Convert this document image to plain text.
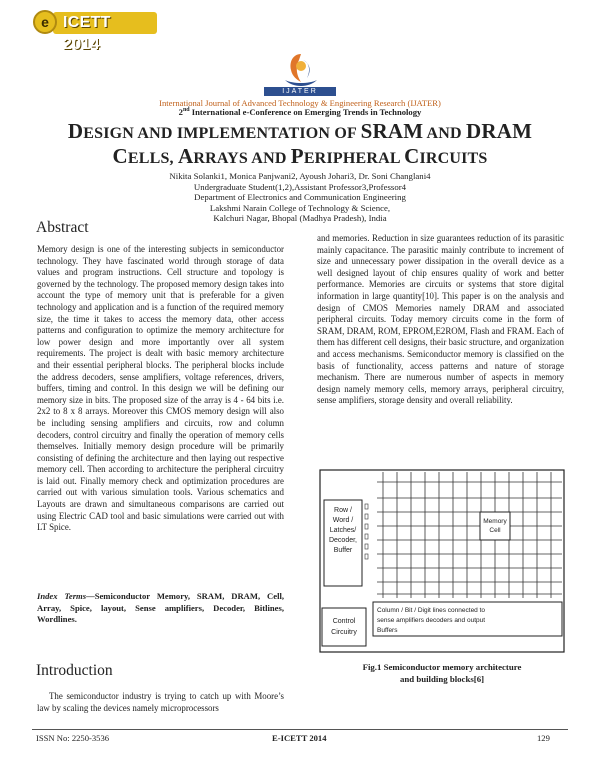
ICETT 2014
e
IJATER
International Journal of Advanced Technology & Engineering Research (IJATER)
2nd International e-Conference on Emerging Trends in Technology
DESIGN AND IMPLEMENTATION OF SRAM AND DRAM
CELLS, ARRAYS AND PERIPHERAL CIRCUITS
Nikita Solanki1, Monica Panjwani2, Ayoush Johari3, Dr. Soni Changlani4
Undergraduate Student(1,2),Assistant Professor3,Professor4
Department of Electronics and Communication Engineering
Lakshmi Narain College of Technology & Science,
Kalchuri Nagar, Bhopal (Madhya Pradesh), India
Abstract

Memory design is one of the interesting subjects in semiconductor technology. They have fascinated world through storage of data values and program instructions. Cell structure and topology is governed by the technology. The proposed memory design takes into account the type of memory unit that is preferable for a given technology and application and is a function of the required memory size, the time it takes to access the memory data, other access patterns and configuration to optimize the memory architecture for low power design and more importantly over all system requirements. The project is dealt with basic memory architecture and their essential peripheral blocks. The peripheral blocks include the address decoders, sense amplifiers, voltage references, drivers, buffers, timing and control. In this design we will be defining our memory size in bits. The proposed size of the array is 4 - 64 bits i.e. 2x2 to 8 x 8 arrays. Moreover this CMOS memory design will also be including sensing amplifiers and circuits, row and column decoders, control circuitry and finally the operation of memory cells themselves. Initially memory design procedure will be primarily consisting of defining the architecture and then laying out respective memory cell. Then according to architecture the peripheral circuitry is laid out. Finally memory check and optimization procedures are carried out with various simulation tools. Various schematics and Layouts are drawn and simultaneous comparisons are carried out using Electric CAD tool and basic simulations were carried out with LT Spice.

Index Terms—Semiconductor Memory, SRAM, DRAM, Cell, Array, Spice, layout, Sense amplifiers, Decoder, Bitlines, Wordlines.
Introduction

The semiconductor industry is trying to catch up with Moore’s law by scaling the devices namely microprocessors

and memories. Reduction in size guarantees reduction of its parasitic mainly capacitance. The parasitic mainly contribute to increment of size and unnecessary power dissipation in the overall device as a well designed layout of chip ensures quality of work and better performance. Memories are circuits or systems that store digital information in large quantity[10]. This paper is on the analysis and design of CMOS Memories namely DRAM and associated peripheral circuits. Today memory circuits come in the form of SRAM, DRAM, ROM, EPROM,E2ROM, Flash and FRAM. Each of them has different cell designs, their basic structure, and organization and access mechanisms. Semiconductor memory is classified on the basis of functionality, access patterns and nature of storage mechanism. There are numerous number of aspects in memory design namely memory cells, memory arrays, peripheral circuitry, sense amplifiers, storage density and overall reliability.

Row /
Word /
Latches/
Decoder,
Buffer
Memory
Cell
Control
Circuitry
Column / Bit / Digit lines connected to
sense amplifiers decoders and output
Buffers
Fig.1 Semiconductor memory architecture
and building blocks[6]
ISSN No: 2250-3536	E-ICETT 2014	129
